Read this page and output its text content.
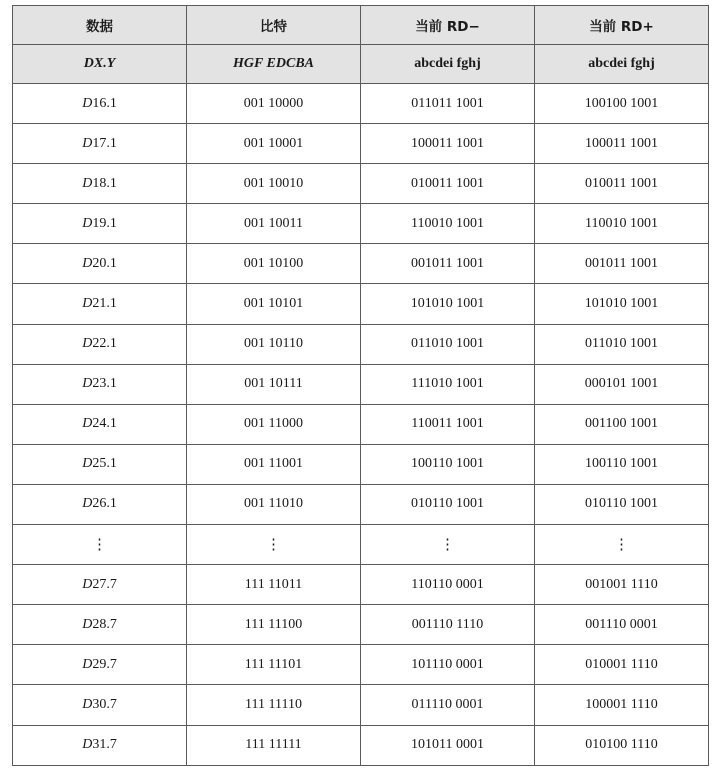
数据	比特	当前 RD−	当前 RD+
DX.Y	HGF EDCBA	abcdei fghj	abcdei fghj
D16.1	001 10000	011011 1001	100100 1001
D17.1	001 10001	100011 1001	100011 1001
D18.1	001 10010	010011 1001	010011 1001
D19.1	001 10011	110010 1001	110010 1001
D20.1	001 10100	001011 1001	001011 1001
D21.1	001 10101	101010 1001	101010 1001
D22.1	001 10110	011010 1001	011010 1001
D23.1	001 10111	111010 1001	000101 1001
D24.1	001 11000	110011 1001	001100 1001
D25.1	001 11001	100110 1001	100110 1001
D26.1	001 11010	010110 1001	010110 1001
⋮	⋮	⋮	⋮
D27.7	111 11011	110110 0001	001001 1110
D28.7	111 11100	001110 1110	001110 0001
D29.7	111 11101	101110 0001	010001 1110
D30.7	111 11110	011110 0001	100001 1110
D31.7	111 11111	101011 0001	010100 1110
